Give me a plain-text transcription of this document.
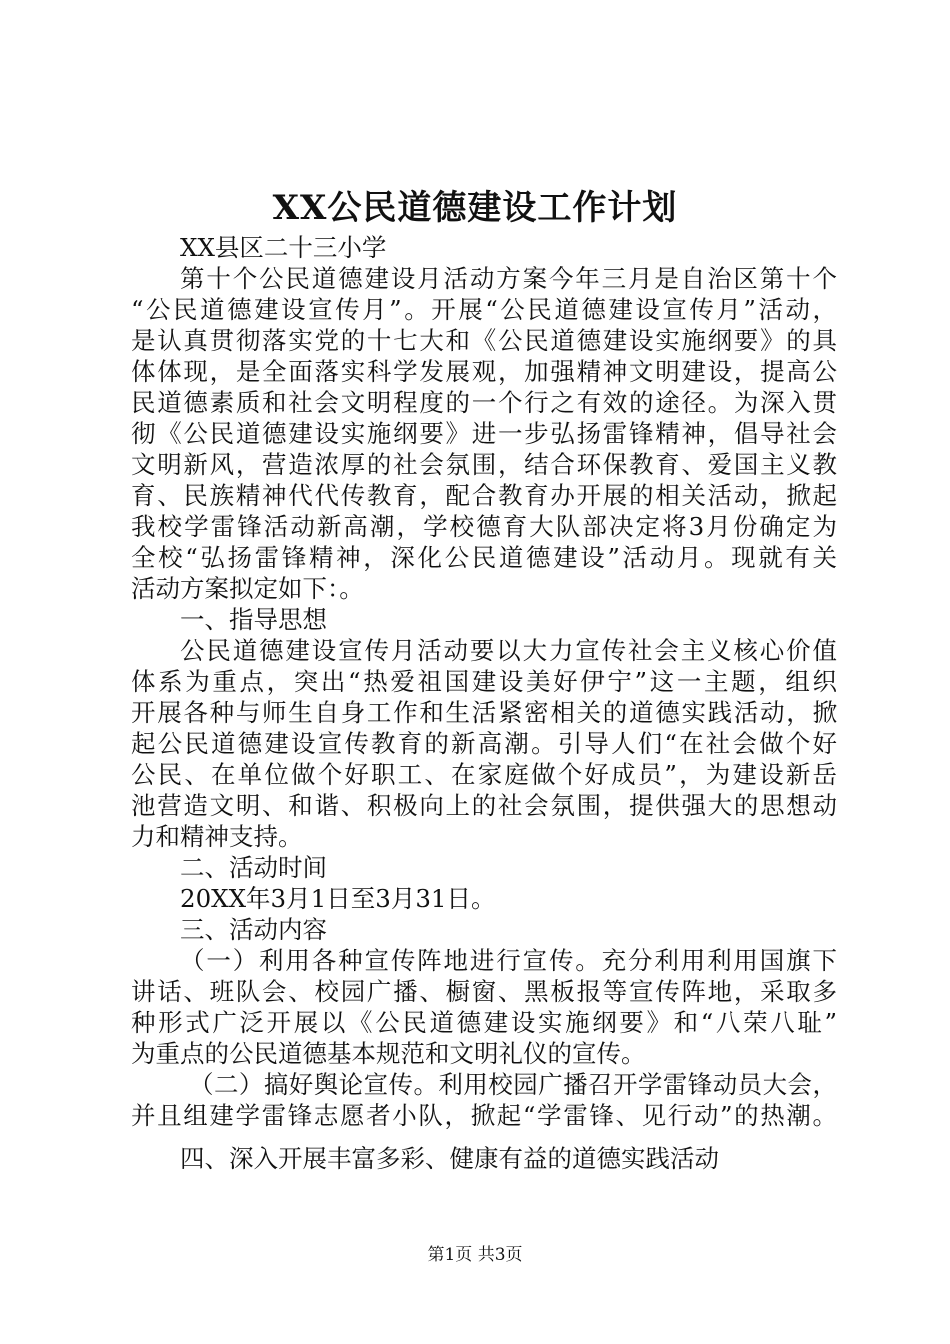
XX公民道德建设工作计划
XX县区二十三小学
第十个公民道德建设月活动方案今年三月是自治区第十个
“公民道德建设宣传月”。开展“公民道德建设宣传月”活动，
是认真贯彻落实党的十七大和《公民道德建设实施纲要》的具
体体现，是全面落实科学发展观，加强精神文明建设，提高公
民道德素质和社会文明程度的一个行之有效的途径。为深入贯
彻《公民道德建设实施纲要》进一步弘扬雷锋精神，倡导社会
文明新风，营造浓厚的社会氛围，结合环保教育、爱国主义教
育、民族精神代代传教育，配合教育办开展的相关活动，掀起
我校学雷锋活动新高潮，学校德育大队部决定将3月份确定为
全校“弘扬雷锋精神，深化公民道德建设”活动月。现就有关
活动方案拟定如下：。
一、指导思想
公民道德建设宣传月活动要以大力宣传社会主义核心价值
体系为重点，突出“热爱祖国建设美好伊宁”这一主题，组织
开展各种与师生自身工作和生活紧密相关的道德实践活动，掀
起公民道德建设宣传教育的新高潮。引导人们“在社会做个好
公民、在单位做个好职工、在家庭做个好成员”，为建设新岳
池营造文明、和谐、积极向上的社会氛围，提供强大的思想动
力和精神支持。
二、活动时间
20XX年3月1日至3月31日。
三、活动内容
（一）利用各种宣传阵地进行宣传。充分利用利用国旗下
讲话、班队会、校园广播、橱窗、黑板报等宣传阵地，采取多
种形式广泛开展以《公民道德建设实施纲要》和“八荣八耻”
为重点的公民道德基本规范和文明礼仪的宣传。
（二）搞好舆论宣传。利用校园广播召开学雷锋动员大会，
并且组建学雷锋志愿者小队，掀起“学雷锋、见行动”的热潮。
四、深入开展丰富多彩、健康有益的道德实践活动
第1页 共3页
